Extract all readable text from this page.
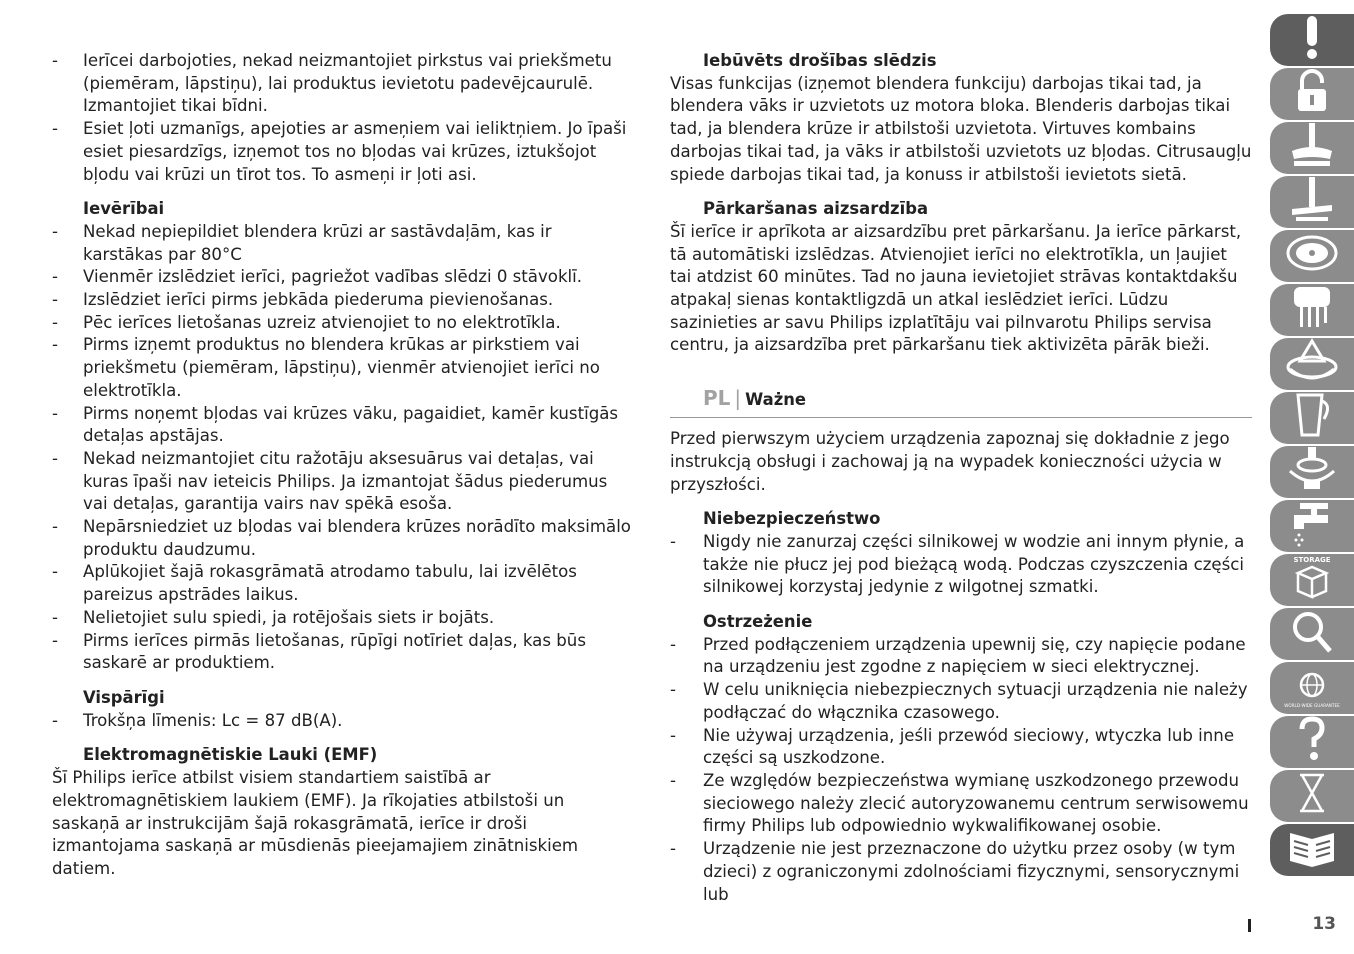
- Ierīcei darbojoties, nekad neizmantojiet pirkstus vai priekšmetu (piemēram, lāpstiņu), lai produktus ievietotu padevējcaurulē. Izmantojiet tikai bīdni.
- Esiet ļoti uzmanīgs, apejoties ar asmeņiem vai ieliktņiem. Jo īpaši esiet piesardzīgs, izņemot tos no bļodas vai krūzes, iztukšojot bļodu vai krūzi un tīrot tos. To asmeņi ir ļoti asi.
Ievērībai
- Nekad nepiepildiet blendera krūzi ar sastāvdaļām, kas ir karstākas par 80°C
- Vienmēr izslēdziet ierīci, pagriežot vadības slēdzi 0 stāvoklī.
- Izslēdziet ierīci pirms jebkāda piederuma pievienošanas.
- Pēc ierīces lietošanas uzreiz atvienojiet to no elektrotīkla.
- Pirms izņemt produktus no blendera krūkas ar pirkstiem vai priekšmetu (piemēram, lāpstiņu), vienmēr atvienojiet ierīci no elektrotīkla.
- Pirms noņemt bļodas vai krūzes vāku, pagaidiet, kamēr kustīgās detaļas apstājas.
- Nekad neizmantojiet citu ražotāju aksesuārus vai detaļas, vai kuras īpaši nav ieteicis Philips. Ja izmantojat šādus piederumus vai detaļas, garantija vairs nav spēkā esoša.
- Nepārsniedziet uz bļodas vai blendera krūzes norādīto maksimālo produktu daudzumu.
- Aplūkojiet šajā rokasgrāmatā atrodamo tabulu, lai izvēlētos pareizus apstrādes laikus.
- Nelietojiet sulu spiedi, ja rotējošais siets ir bojāts.
- Pirms ierīces pirmās lietošanas, rūpīgi notīriet daļas, kas būs saskarē ar produktiem.
Vispārīgi
- Trokšņa līmenis: Lc = 87 dB(A).
Elektromagnētiskie Lauki (EMF)

Šī Philips ierīce atbilst visiem standartiem saistībā ar elektromagnētiskiem laukiem (EMF). Ja rīkojaties atbilstoši un saskaņā ar instrukcijām šajā rokasgrāmatā, ierīce ir droši izmantojama saskaņā ar mūsdienās pieejamajiem zinātniskiem datiem.

Iebūvēts drošības slēdzis

Visas funkcijas (izņemot blendera funkciju) darbojas tikai tad, ja blendera vāks ir uzvietots uz motora bloka. Blenderis darbojas tikai tad, ja blendera krūze ir atbilstoši uzvietota. Virtuves kombains darbojas tikai tad, ja vāks ir atbilstoši uzvietots uz bļodas. Citrusaugļu spiede darbojas tikai tad, ja konuss ir atbilstoši ievietots sietā.

Pārkaršanas aizsardzība

Šī ierīce ir aprīkota ar aizsardzību pret pārkaršanu. Ja ierīce pārkarst, tā automātiski izslēdzas. Atvienojiet ierīci no elektrotīkla, un ļaujiet tai atdzist 60 minūtes. Tad no jauna ievietojiet strāvas kontaktdakšu atpakaļ sienas kontaktligzdā un atkal ieslēdziet ierīci. Lūdzu sazinieties ar savu Philips izplatītāju vai pilnvarotu Philips servisa centru, ja aizsardzība pret pārkaršanu tiek aktivizēta pārāk bieži.

PL | Ważne

Przed pierwszym użyciem urządzenia zapoznaj się dokładnie z jego instrukcją obsługi i zachowaj ją na wypadek konieczności użycia w przyszłości.

Niebezpieczeństwo
- Nigdy nie zanurzaj części silnikowej w wodzie ani innym płynie, a także nie płucz jej pod bieżącą wodą. Podczas czyszczenia części silnikowej korzystaj jedynie z wilgotnej szmatki.
Ostrzeżenie
- Przed podłączeniem urządzenia upewnij się, czy napięcie podane na urządzeniu jest zgodne z napięciem w sieci elektrycznej.
- W celu uniknięcia niebezpiecznych sytuacji urządzenia nie należy podłączać do włącznika czasowego.
- Nie używaj urządzenia, jeśli przewód sieciowy, wtyczka lub inne części są uszkodzone.
- Ze względów bezpieczeństwa wymianę uszkodzonego przewodu sieciowego należy zlecić autoryzowanemu centrum serwisowemu firmy Philips lub odpowiednio wykwalifikowanej osobie.
- Urządzenie nie jest przeznaczone do użytku przez osoby (w tym dzieci) z ograniczonymi zdolnościami fizycznymi, sensorycznymi lub
STORAGE
WORLD-WIDE GUARANTEE
13
